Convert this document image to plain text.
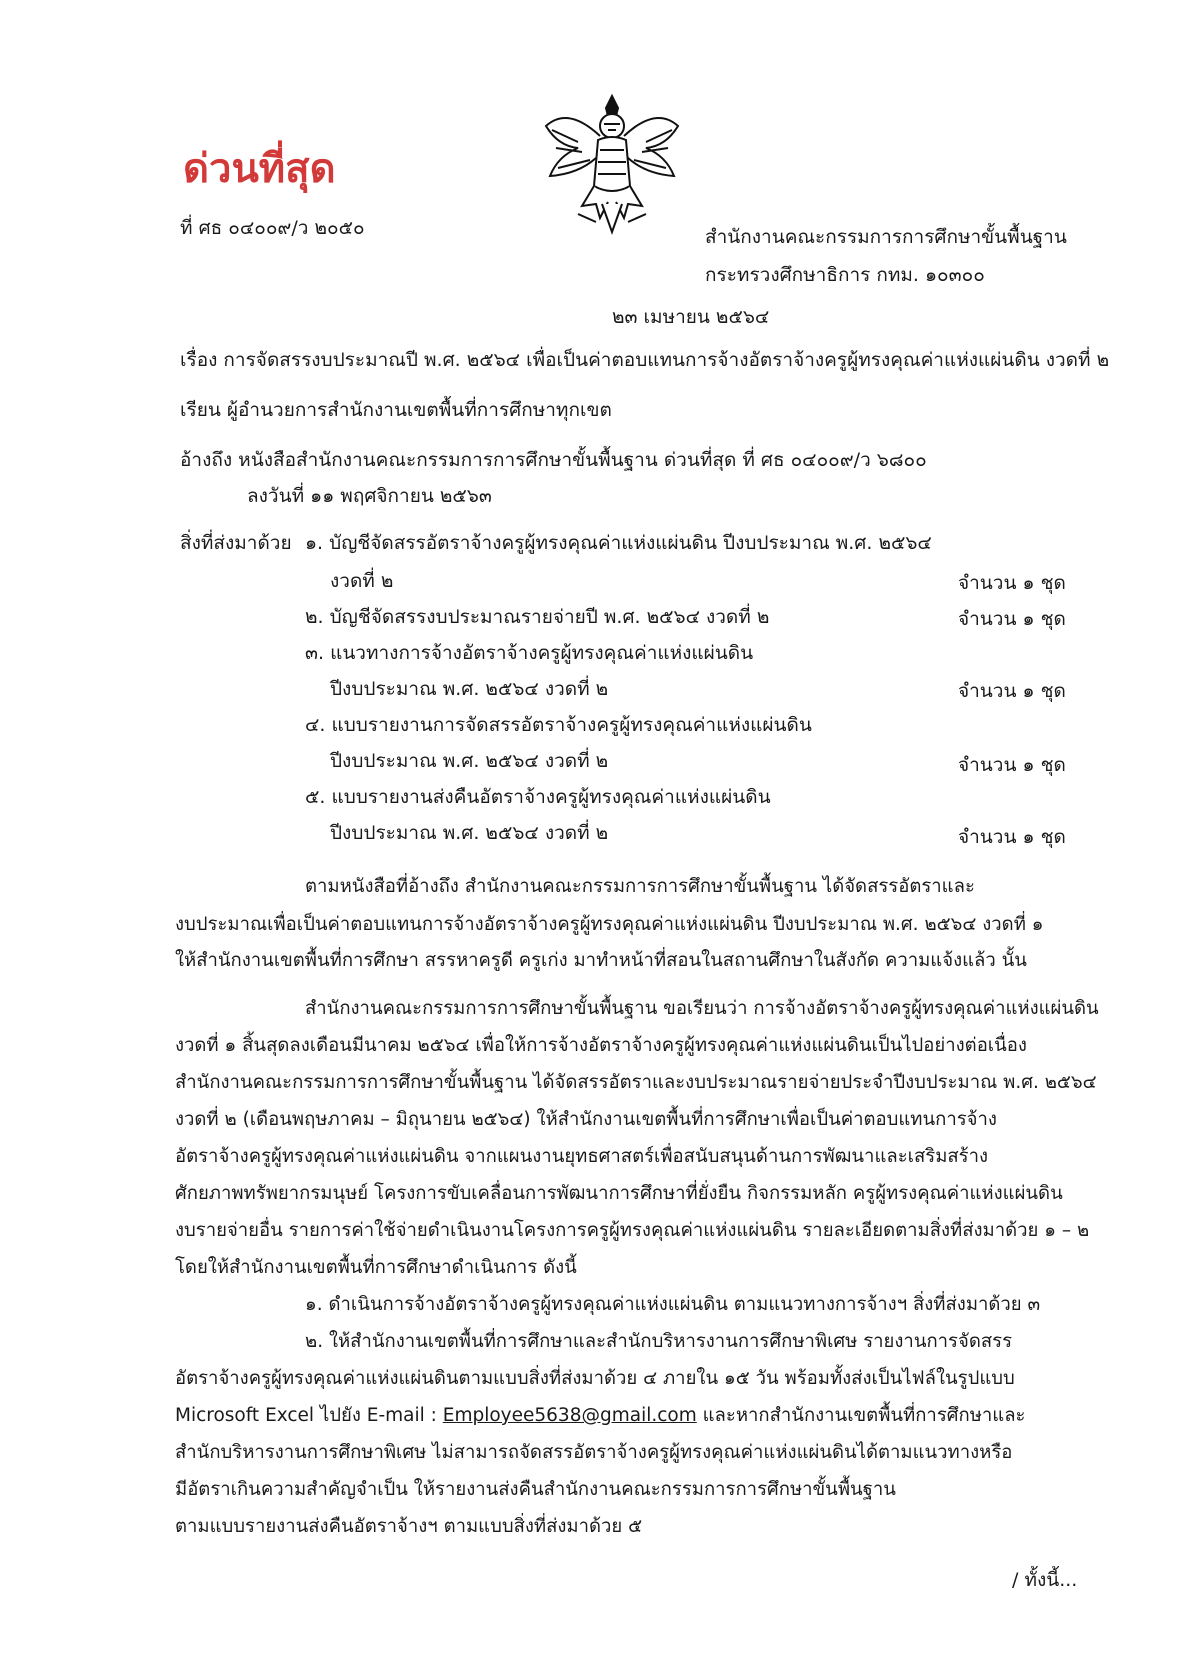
ด่วนที่สุด
ที่ ศธ ๐๔๐๐๙/ว ๒๐๕๐	สำนักงานคณะกรรมการการศึกษาขั้นพื้นฐาน
กระทรวงศึกษาธิการ กทม. ๑๐๓๐๐
๒๓ เมษายน ๒๕๖๔
เรื่อง การจัดสรรงบประมาณปี พ.ศ. ๒๕๖๔ เพื่อเป็นค่าตอบแทนการจ้างอัตราจ้างครูผู้ทรงคุณค่าแห่งแผ่นดิน งวดที่ ๒
เรียน ผู้อำนวยการสำนักงานเขตพื้นที่การศึกษาทุกเขต
อ้างถึง หนังสือสำนักงานคณะกรรมการการศึกษาขั้นพื้นฐาน ด่วนที่สุด ที่ ศธ ๐๔๐๐๙/ว ๖๘๐๐
ลงวันที่ ๑๑ พฤศจิกายน ๒๕๖๓
สิ่งที่ส่งมาด้วย ๑. บัญชีจัดสรรอัตราจ้างครูผู้ทรงคุณค่าแห่งแผ่นดิน ปีงบประมาณ พ.ศ. ๒๕๖๔
งวดที่ ๒	จำนวน ๑ ชุด
๒. บัญชีจัดสรรงบประมาณรายจ่ายปี พ.ศ. ๒๕๖๔ งวดที่ ๒	จำนวน ๑ ชุด
๓. แนวทางการจ้างอัตราจ้างครูผู้ทรงคุณค่าแห่งแผ่นดิน
ปีงบประมาณ พ.ศ. ๒๕๖๔ งวดที่ ๒	จำนวน ๑ ชุด
๔. แบบรายงานการจัดสรรอัตราจ้างครูผู้ทรงคุณค่าแห่งแผ่นดิน
ปีงบประมาณ พ.ศ. ๒๕๖๔ งวดที่ ๒	จำนวน ๑ ชุด
๕. แบบรายงานส่งคืนอัตราจ้างครูผู้ทรงคุณค่าแห่งแผ่นดิน
ปีงบประมาณ พ.ศ. ๒๕๖๔ งวดที่ ๒	จำนวน ๑ ชุด
ตามหนังสือที่อ้างถึง สำนักงานคณะกรรมการการศึกษาขั้นพื้นฐาน ได้จัดสรรอัตราและ
งบประมาณเพื่อเป็นค่าตอบแทนการจ้างอัตราจ้างครูผู้ทรงคุณค่าแห่งแผ่นดิน ปีงบประมาณ พ.ศ. ๒๕๖๔ งวดที่ ๑
ให้สำนักงานเขตพื้นที่การศึกษา สรรหาครูดี ครูเก่ง มาทำหน้าที่สอนในสถานศึกษาในสังกัด ความแจ้งแล้ว นั้น
สำนักงานคณะกรรมการการศึกษาขั้นพื้นฐาน ขอเรียนว่า การจ้างอัตราจ้างครูผู้ทรงคุณค่าแห่งแผ่นดิน
งวดที่ ๑ สิ้นสุดลงเดือนมีนาคม ๒๕๖๔ เพื่อให้การจ้างอัตราจ้างครูผู้ทรงคุณค่าแห่งแผ่นดินเป็นไปอย่างต่อเนื่อง
สำนักงานคณะกรรมการการศึกษาขั้นพื้นฐาน ได้จัดสรรอัตราและงบประมาณรายจ่ายประจำปีงบประมาณ พ.ศ. ๒๕๖๔
งวดที่ ๒ (เดือนพฤษภาคม – มิถุนายน ๒๕๖๔) ให้สำนักงานเขตพื้นที่การศึกษาเพื่อเป็นค่าตอบแทนการจ้าง
อัตราจ้างครูผู้ทรงคุณค่าแห่งแผ่นดิน จากแผนงานยุทธศาสตร์เพื่อสนับสนุนด้านการพัฒนาและเสริมสร้าง
ศักยภาพทรัพยากรมนุษย์ โครงการขับเคลื่อนการพัฒนาการศึกษาที่ยั่งยืน กิจกรรมหลัก ครูผู้ทรงคุณค่าแห่งแผ่นดิน
งบรายจ่ายอื่น รายการค่าใช้จ่ายดำเนินงานโครงการครูผู้ทรงคุณค่าแห่งแผ่นดิน รายละเอียดตามสิ่งที่ส่งมาด้วย ๑ – ๒
โดยให้สำนักงานเขตพื้นที่การศึกษาดำเนินการ ดังนี้
๑. ดำเนินการจ้างอัตราจ้างครูผู้ทรงคุณค่าแห่งแผ่นดิน ตามแนวทางการจ้างฯ สิ่งที่ส่งมาด้วย ๓
๒. ให้สำนักงานเขตพื้นที่การศึกษาและสำนักบริหารงานการศึกษาพิเศษ รายงานการจัดสรร
อัตราจ้างครูผู้ทรงคุณค่าแห่งแผ่นดินตามแบบสิ่งที่ส่งมาด้วย ๔ ภายใน ๑๕ วัน พร้อมทั้งส่งเป็นไฟล์ในรูปแบบ
Microsoft Excel ไปยัง E-mail : Employee5638@gmail.com และหากสำนักงานเขตพื้นที่การศึกษาและ
สำนักบริหารงานการศึกษาพิเศษ ไม่สามารถจัดสรรอัตราจ้างครูผู้ทรงคุณค่าแห่งแผ่นดินได้ตามแนวทางหรือ
มีอัตราเกินความสำคัญจำเป็น ให้รายงานส่งคืนสำนักงานคณะกรรมการการศึกษาขั้นพื้นฐาน
ตามแบบรายงานส่งคืนอัตราจ้างฯ ตามแบบสิ่งที่ส่งมาด้วย ๕
/ ทั้งนี้...
